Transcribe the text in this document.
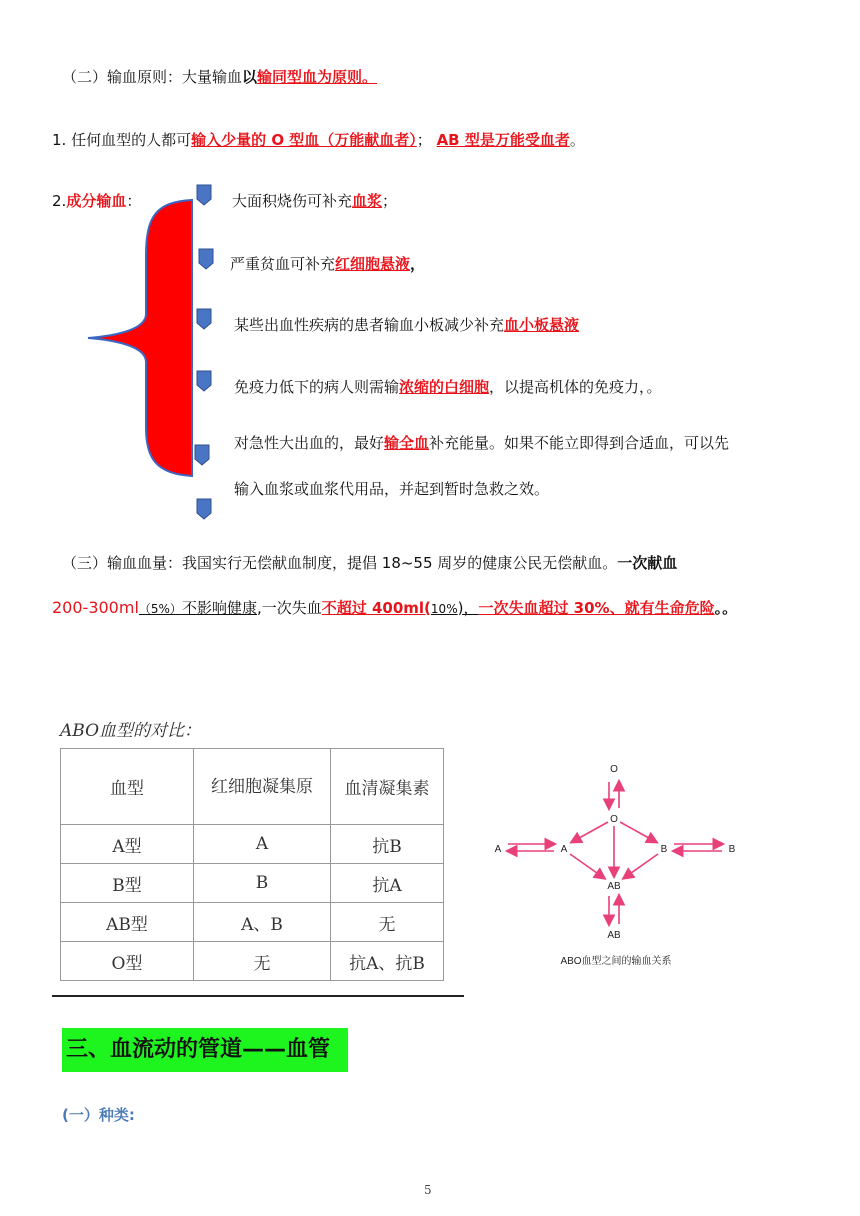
（二）输血原则：大量输血以输同型血为原则。
1. 任何血型的人都可输入少量的 O 型血（万能献血者）； AB 型是万能受血者。
2.成分输血：	大面积烧伤可补充血浆；
严重贫血可补充红细胞悬液，
某些出血性疾病的患者输血小板减少补充血小板悬液
免疫力低下的病人则需输浓缩的白细胞，以提高机体的免疫力，。
对急性大出血的，最好输全血补充能量。如果不能立即得到合适血，可以先
输入血浆或血浆代用品，并起到暂时急救之效。
（三）输血血量：我国实行无偿献血制度，提倡 18~55 周岁的健康公民无偿献血。一次献血
200-300ml（5%）不影响健康,一次失血不超过 400ml(10%)，一次失血超过 30%、就有生命危险。。
ABO血型的对比：
血型	红细胞凝集原	血清凝集素
A型	A	抗B
B型	B	抗A
AB型	A、B	无
O型	无	抗A、抗B
O
O
A	A	B	B
AB
AB
ABO血型之间的输血关系
三、血流动的管道——血管
(一）种类:
5
